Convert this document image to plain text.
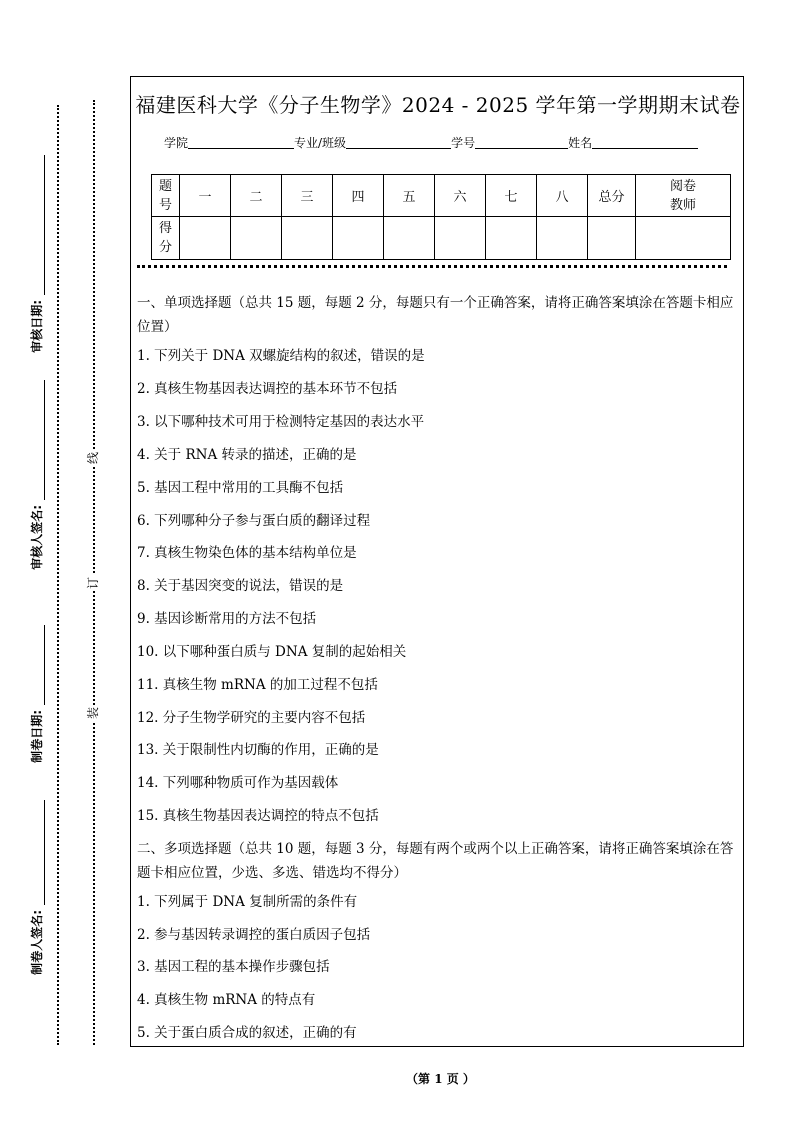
审核日期:
审核人签名:
制卷日期:
制卷人签名:
线
订
装
福建医科大学《分子生物学》2024 - 2025 学年第一学期期末试卷
学院	专业/班级	学号	姓名
题号	一	二	三	四	五	六	七	八	总分	阅卷教师

得分										

一、单项选择题（总共 15 题，每题 2 分，每题只有一个正确答案，请将正确答案填涂在答题卡相应位置）
1. 下列关于 DNA 双螺旋结构的叙述，错误的是
2. 真核生物基因表达调控的基本环节不包括
3. 以下哪种技术可用于检测特定基因的表达水平
4. 关于 RNA 转录的描述，正确的是
5. 基因工程中常用的工具酶不包括
6. 下列哪种分子参与蛋白质的翻译过程
7. 真核生物染色体的基本结构单位是
8. 关于基因突变的说法，错误的是
9. 基因诊断常用的方法不包括
10. 以下哪种蛋白质与 DNA 复制的起始相关
11. 真核生物 mRNA 的加工过程不包括
12. 分子生物学研究的主要内容不包括
13. 关于限制性内切酶的作用，正确的是
14. 下列哪种物质可作为基因载体
15. 真核生物基因表达调控的特点不包括
二、多项选择题（总共 10 题，每题 3 分，每题有两个或两个以上正确答案，请将正确答案填涂在答题卡相应位置，少选、多选、错选均不得分）
1. 下列属于 DNA 复制所需的条件有
2. 参与基因转录调控的蛋白质因子包括
3. 基因工程的基本操作步骤包括
4. 真核生物 mRNA 的特点有
5. 关于蛋白质合成的叙述，正确的有
（第 1 页 ）
